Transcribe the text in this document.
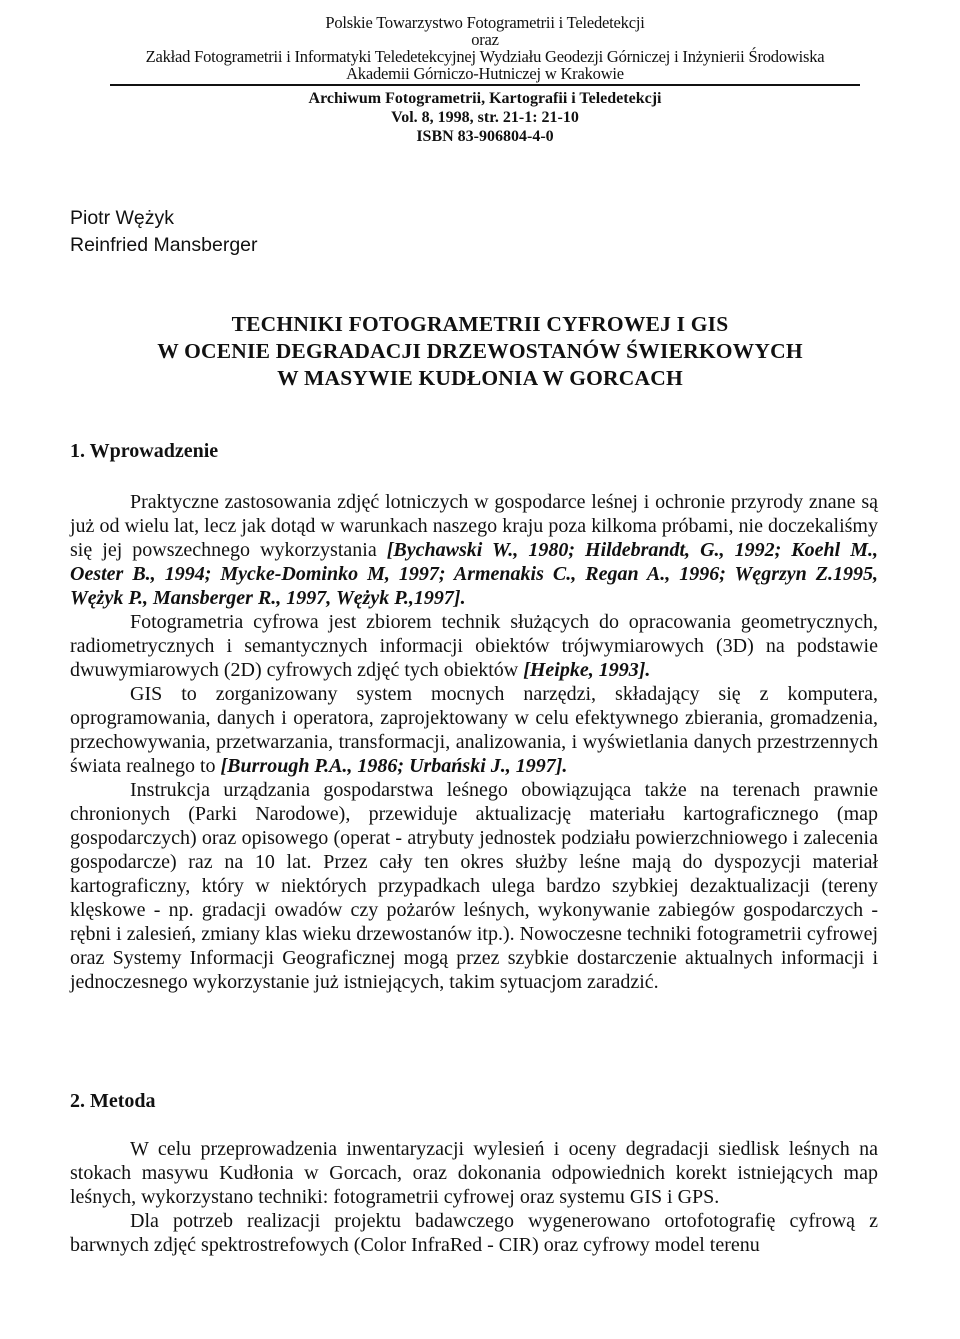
Polskie Towarzystwo Fotogrametrii i Teledetekcji
oraz
Zakład Fotogrametrii i Informatyki Teledetekcyjnej Wydziału Geodezji Górniczej i Inżynierii Środowiska
Akademii Górniczo-Hutniczej w Krakowie
Archiwum Fotogrametrii, Kartografii i Teledetekcji
Vol. 8, 1998, str. 21-1: 21-10
ISBN 83-906804-4-0
Piotr Wężyk
Reinfried Mansberger
TECHNIKI FOTOGRAMETRII CYFROWEJ I GIS
W OCENIE DEGRADACJI DRZEWOSTANÓW ŚWIERKOWYCH
W MASYWIE KUDŁONIA W GORCACH
1. Wprowadzenie

Praktyczne zastosowania zdjęć lotniczych w gospodarce leśnej i ochronie przyrody znane są już od wielu lat, lecz jak dotąd w warunkach naszego kraju poza kilkoma próbami, nie doczekaliśmy się jej powszechnego wykorzystania [Bychawski W., 1980; Hildebrandt, G., 1992; Koehl M., Oester B., 1994; Mycke-Dominko M, 1997; Armenakis C., Regan A., 1996; Węgrzyn Z.1995, Wężyk P., Mansberger R., 1997, Wężyk P.,1997].

Fotogrametria cyfrowa jest zbiorem technik służących do opracowania geometrycznych, radiometrycznych i semantycznych informacji obiektów trójwymiarowych (3D) na podstawie dwuwymiarowych (2D) cyfrowych zdjęć tych obiektów [Heipke, 1993].

GIS to zorganizowany system mocnych narzędzi, składający się z komputera, oprogramowania, danych i operatora, zaprojektowany w celu efektywnego zbierania, gromadzenia, przechowywania, przetwarzania, transformacji, analizowania, i wyświetlania danych przestrzennych świata realnego to [Burrough P.A., 1986; Urbański J., 1997].

Instrukcja urządzania gospodarstwa leśnego obowiązująca także na terenach prawnie chronionych (Parki Narodowe), przewiduje aktualizację materiału kartograficznego (map gospodarczych) oraz opisowego (operat - atrybuty jednostek podziału powierzchniowego i zalecenia gospodarcze) raz na 10 lat. Przez cały ten okres służby leśne mają do dyspozycji materiał kartograficzny, który w niektórych przypadkach ulega bardzo szybkiej dezaktualizacji (tereny klęskowe - np. gradacji owadów czy pożarów leśnych, wykonywanie zabiegów gospodarczych - rębni i zalesień, zmiany klas wieku drzewostanów itp.). Nowoczesne techniki fotogrametrii cyfrowej oraz Systemy Informacji Geograficznej mogą przez szybkie dostarczenie aktualnych informacji i jednoczesnego wykorzystanie już istniejących, takim sytuacjom zaradzić.

2. Metoda

W celu przeprowadzenia inwentaryzacji wylesień i oceny degradacji siedlisk leśnych na stokach masywu Kudłonia w Gorcach, oraz dokonania odpowiednich korekt istniejących map leśnych, wykorzystano techniki: fotogrametrii cyfrowej oraz systemu GIS i GPS.

Dla potrzeb realizacji projektu badawczego wygenerowano ortofotografię cyfrową z barwnych zdjęć spektrostrefowych (Color InfraRed - CIR) oraz cyfrowy model terenu
